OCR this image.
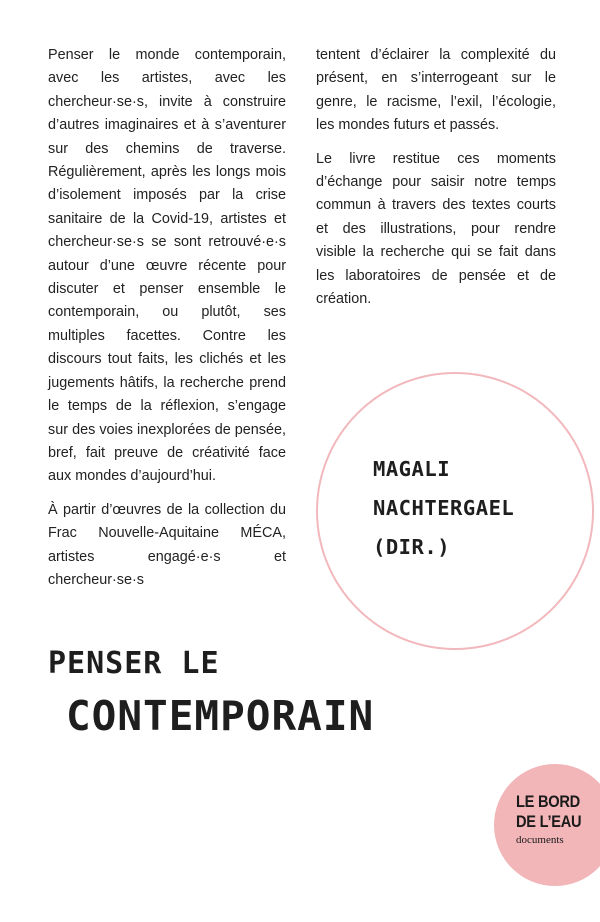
Penser le monde contemporain, avec les artistes, avec les chercheur·se·s, invite à construire d’autres imaginaires et à s’aventurer sur des chemins de traverse. Régulièrement, après les longs mois d’isolement imposés par la crise sanitaire de la Covid-19, artistes et chercheur·se·s se sont retrouvé·e·s autour d’une œuvre récente pour discuter et penser ensemble le contemporain, ou plutôt, ses multiples facettes. Contre les discours tout faits, les clichés et les jugements hâtifs, la recherche prend le temps de la réflexion, s’engage sur des voies inexplorées de pensée, bref, fait preuve de créativité face aux mondes d’aujourd’hui.

À partir d’œuvres de la collection du Frac Nouvelle-Aquitaine MÉCA, artistes engagé·e·s et chercheur·se·s

tentent d’éclairer la complexité du présent, en s’interrogeant sur le genre, le racisme, l’exil, l’écologie, les mondes futurs et passés.

Le livre restitue ces moments d’échange pour saisir notre temps commun à travers des textes courts et des illustrations, pour rendre visible la recherche qui se fait dans les laboratoires de pensée et de création.

MAGALI
NACHTERGAEL
(DIR.)
PENSER LE
CONTEMPORAIN
LE BORD
DE L’EAU
documents
